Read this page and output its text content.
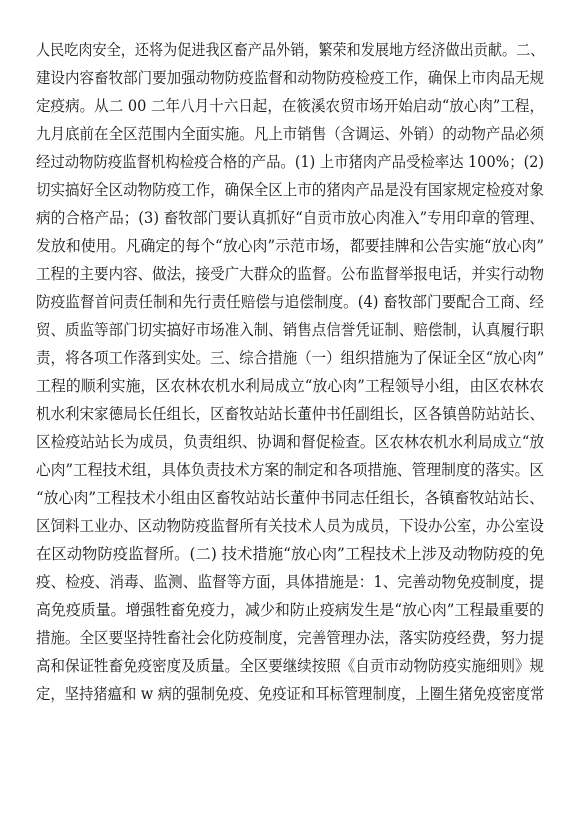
人民吃肉安全，还将为促进我区畜产品外销，繁荣和发展地方经济做出贡献。二、
建设内容畜牧部门要加强动物防疫监督和动物防疫检疫工作，确保上市肉品无规
定疫病。从二 00 二年八月十六日起，在筱溪农贸市场开始启动“放心肉”工程，
九月底前在全区范围内全面实施。凡上市销售（含调运、外销）的动物产品必须
经过动物防疫监督机构检疫合格的产品。(1) 上市猪肉产品受检率达 100%；(2)
切实搞好全区动物防疫工作，确保全区上市的猪肉产品是没有国家规定检疫对象
病的合格产品；(3) 畜牧部门要认真抓好“自贡市放心肉准入”专用印章的管理、
发放和使用。凡确定的每个“放心肉”示范市场，都要挂牌和公告实施“放心肉”
工程的主要内容、做法，接受广大群众的监督。公布监督举报电话，并实行动物
防疫监督首问责任制和先行责任赔偿与追偿制度。(4) 畜牧部门要配合工商、经
贸、质监等部门切实搞好市场准入制、销售点信誉凭证制、赔偿制，认真履行职
责，将各项工作落到实处。三、综合措施（一）组织措施为了保证全区“放心肉”
工程的顺利实施，区农林农机水利局成立“放心肉”工程领导小组，由区农林农
机水利宋家德局长任组长，区畜牧站站长董仲书任副组长，区各镇兽防站站长、
区检疫站站长为成员，负责组织、协调和督促检查。区农林农机水利局成立“放
心肉”工程技术组，具体负责技术方案的制定和各项措施、管理制度的落实。区
“放心肉”工程技术小组由区畜牧站站长董仲书同志任组长，各镇畜牧站站长、
区饲料工业办、区动物防疫监督所有关技术人员为成员，下设办公室，办公室设
在区动物防疫监督所。(二) 技术措施“放心肉”工程技术上涉及动物防疫的免
疫、检疫、消毒、监测、监督等方面，具体措施是：1、完善动物免疫制度，提
高免疫质量。增强牲畜免疫力，减少和防止疫病发生是“放心肉”工程最重要的
措施。全区要坚持牲畜社会化防疫制度，完善管理办法，落实防疫经费，努力提
高和保证牲畜免疫密度及质量。全区要继续按照《自贡市动物防疫实施细则》规
定，坚持猪瘟和 w 病的强制免疫、免疫证和耳标管理制度，上圈生猪免疫密度常
